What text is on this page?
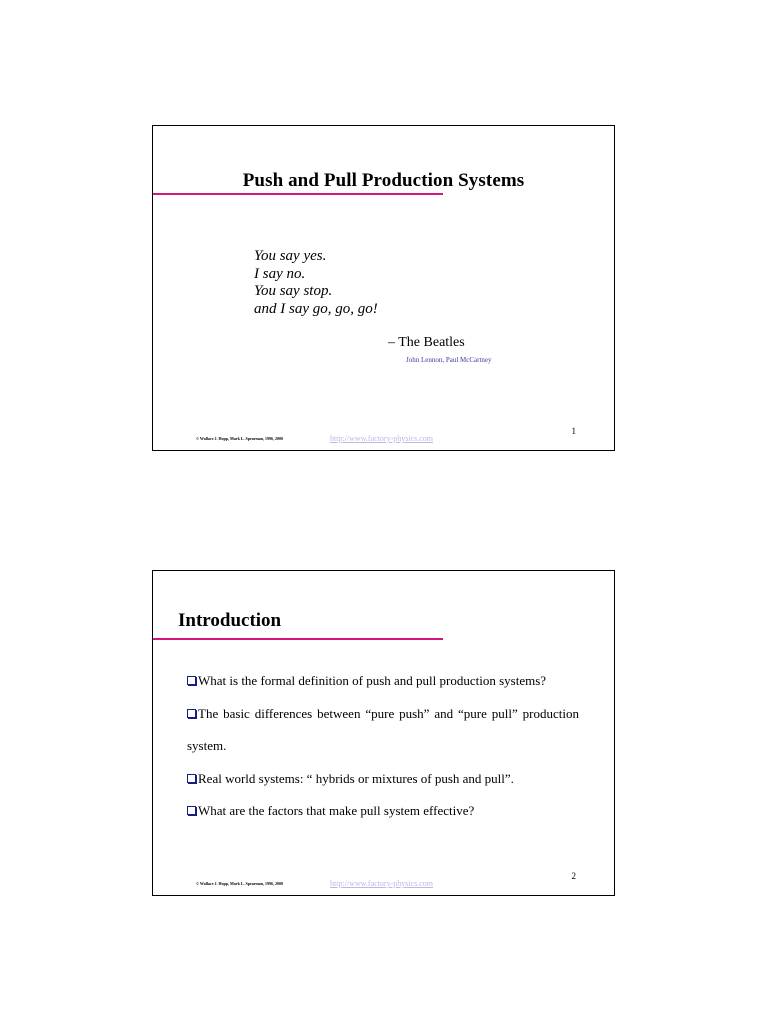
Push and Pull Production Systems
You say yes.
I say no.
You say stop.
and I say go, go, go!
– The Beatles
John Lennon, Paul McCartney
1
© Wallace J. Hopp, Mark L. Spearman, 1996, 2000	http://www.factory-physics.com
Introduction
What is the formal definition of push and pull production systems?
The basic differences between “pure push” and “pure pull” production system.
Real world systems: “ hybrids or mixtures of push and pull”.
What are the factors that make pull system effective?
2
© Wallace J. Hopp, Mark L. Spearman, 1996, 2000	http://www.factory-physics.com
